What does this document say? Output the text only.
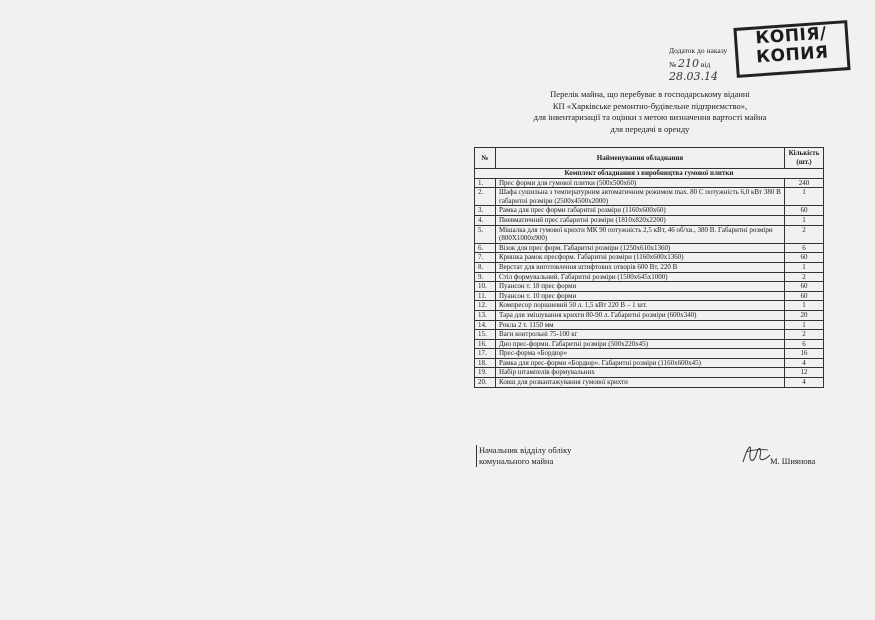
КОПІЯ/
КОПИЯ
Додаток до наказу
№ 210 від 28.03.14
Перелік майна, що перебуває в господарському віданні
КП «Харківське ремонтно-будівельне підприємство»,
для інвентаризації та оцінки з метою визначення вартості майна
для передачі в оренду
№	Найменування обладнання	Кількість (шт.)
Комплект обладнання з виробництва гумової плитки		
1.	Прес форми для гумової плитки (500х500х60)	240
2.	Шафа сушильна з температурним автоматичним режимом max. 80 С потужність 6,0 кВт 380 В габаритні розміри (2500х4500х2000)	1
3.	Рамка для прес форми габаритні розміри (1160х600х60)	60
4.	Пневматичний прес габаритні розміри (1810х820х2200)	1
5.	Мішалка для гумової крихти МК 90 потужність 2,5 кВт, 46 об/хв., 380 В. Габаритні розміри (800Х1000х900)	2
6.	Візок для прес форм. Габаритні розміри (1250х610х1360)	6
7.	Кришка рамок пресформ. Габаритні розміри (1160х600х1360)	60
8.	Верстат для виготовлення штифтових отворів 600 Вт, 220 В	1
9.	Стіл формувальний. Габаритні розміри (1500х645х1000)	2
10.	Пуансон т. 18 прес форми	60
11.	Пуансон т. 10 прес форми	60
12.	Компресор поршневий 50 л. 1,5 кВт 220 В – 1 шт.	1
13.	Тара для змішування крихти 80-90 л. Габаритні розміри (600х340)	20
14.	Рокла 2 т. 1150 мм	1
15.	Ваги контрольні 75-100 кг	2
16.	Дно прес-форми. Габаритні розміри (500х220х45)	6
17.	Прес-форма «Бордюр»	16
18.	Рамка для прес-форми «Бордюр». Габаритні розміри (1160х600х45)	4
19.	Набір штампелів формувальних	12
20.	Ковш для розвантажування гумової крихти	4
Начальник відділу обліку
комунального майна	М. Шиянова
